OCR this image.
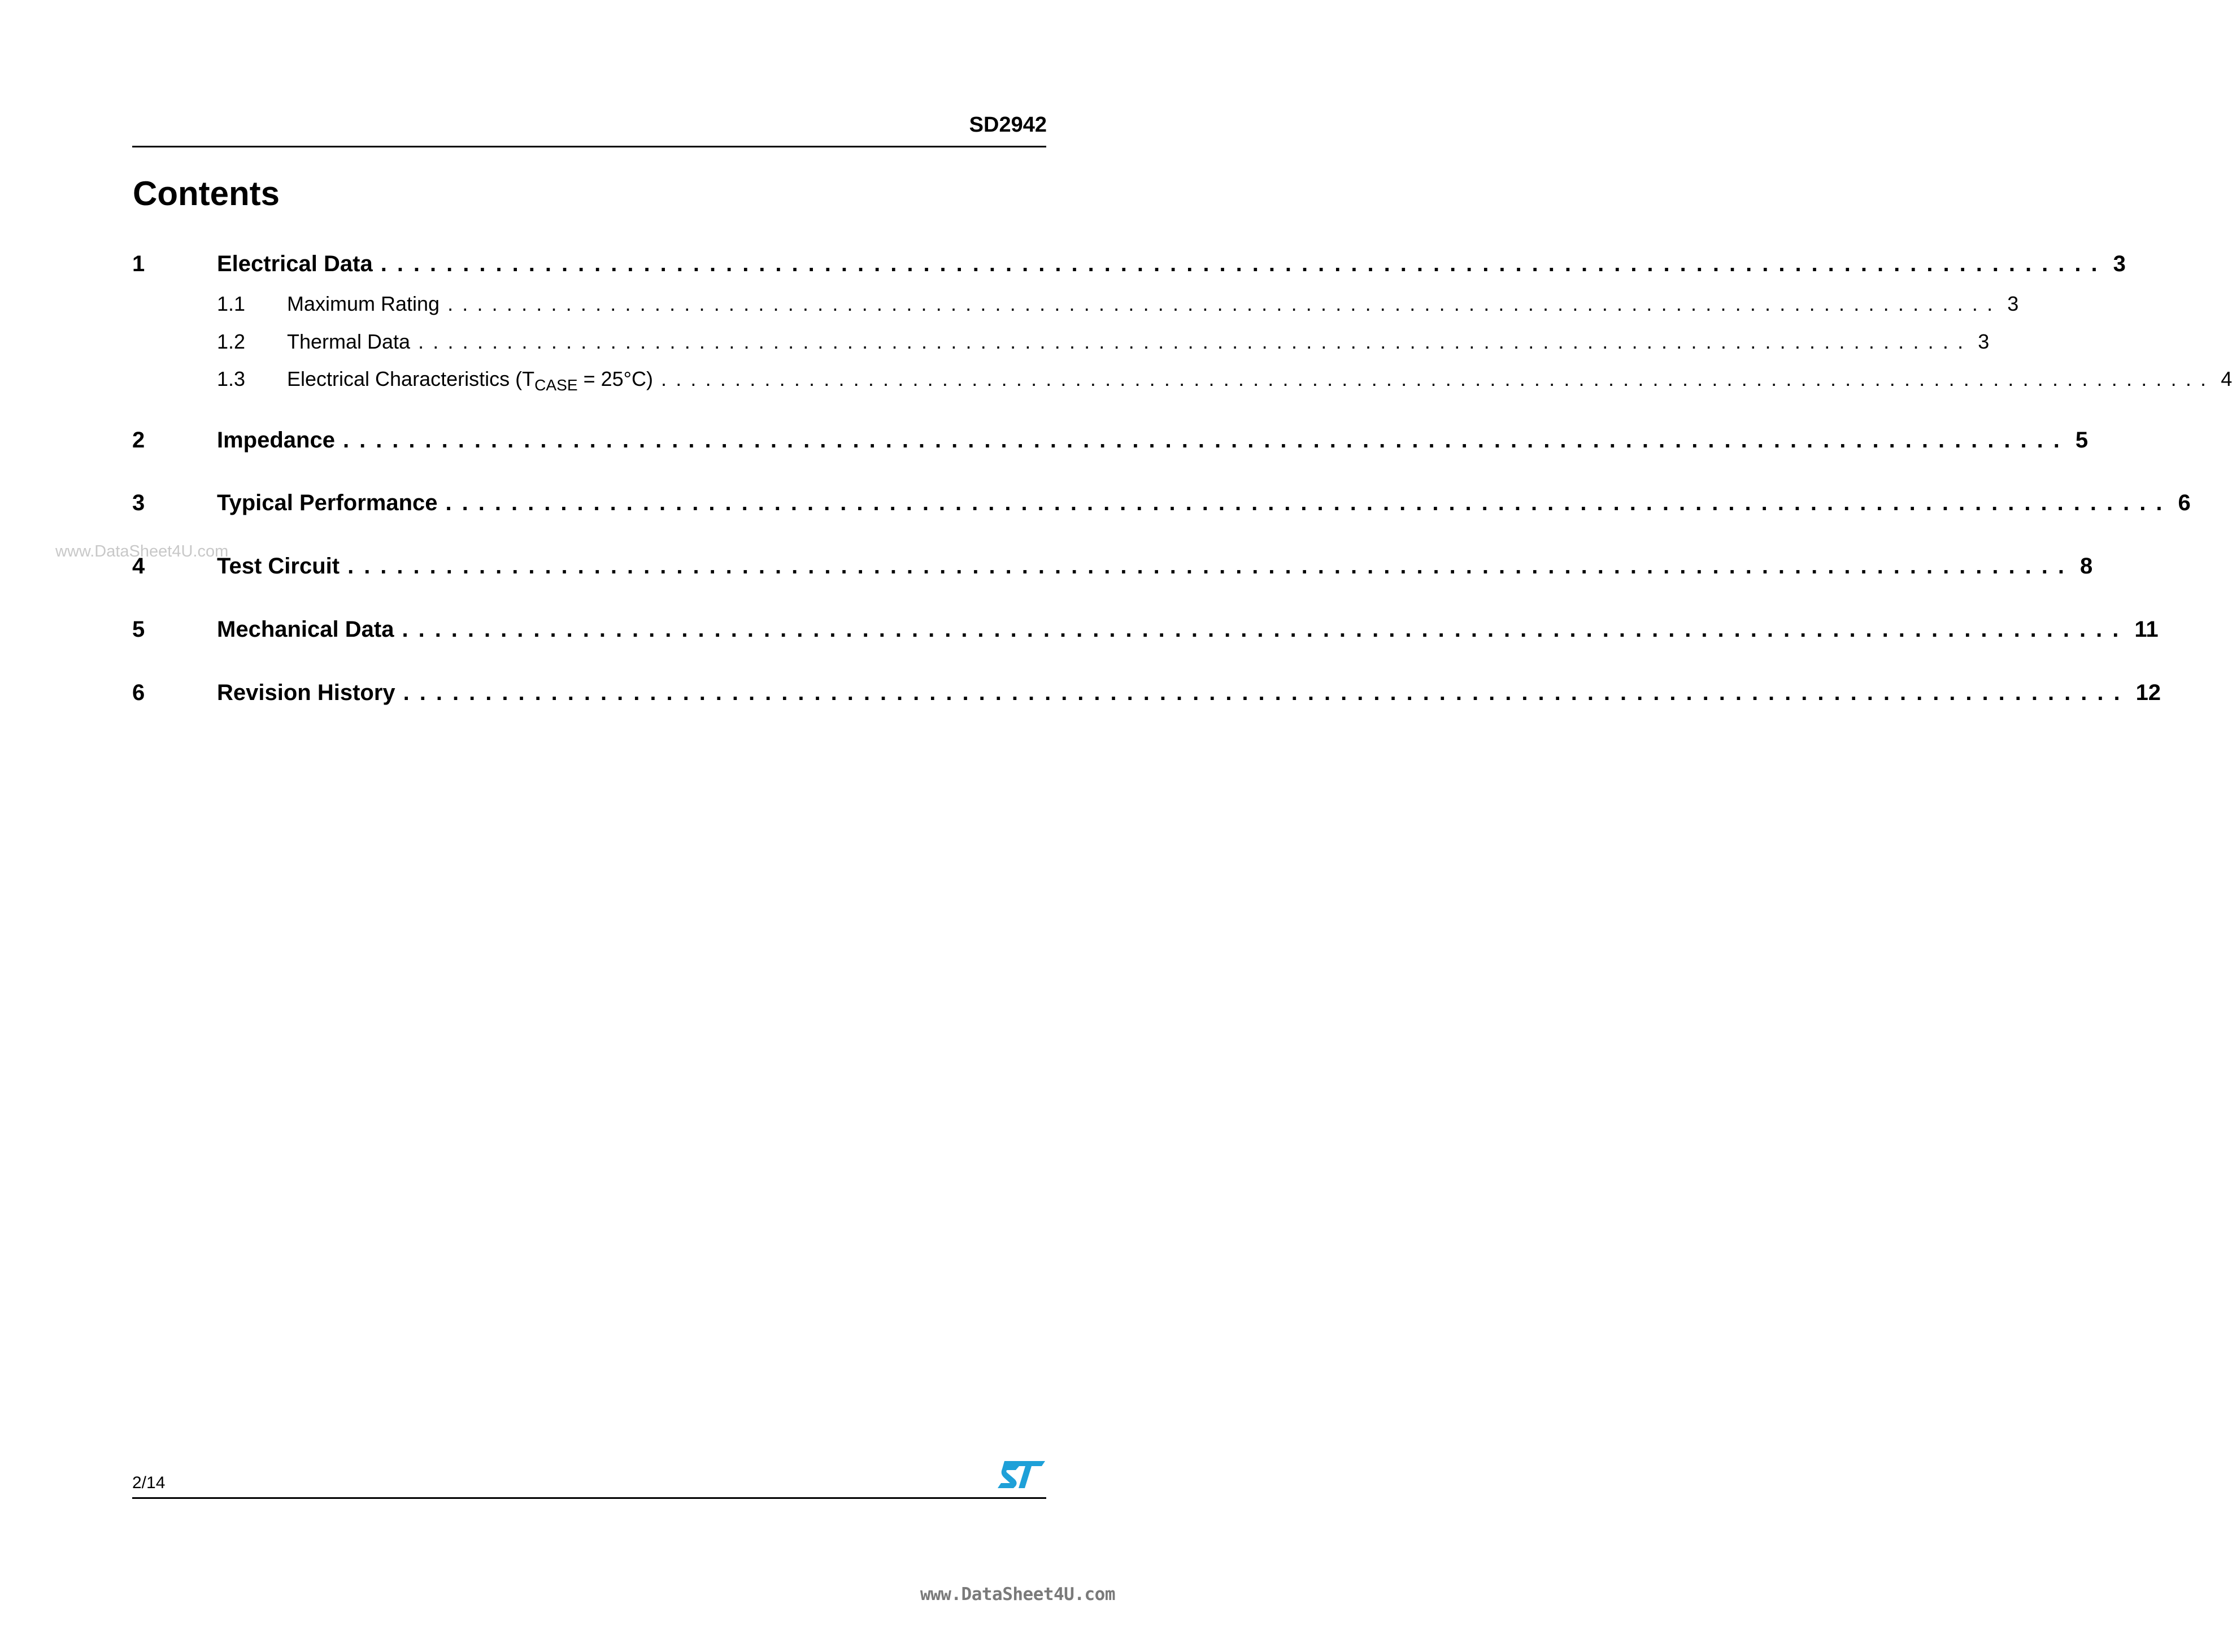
SD2942
Contents
1	Electrical Data ......................................................................................................... 3
1.1	Maximum Rating ......................................................................................................... 3
1.2	Thermal Data ......................................................................................................... 3
1.3	Electrical Characteristics $(T_{CASE} = 25^\circ C)$ ......................................................................................................... 4
2	Impedance ......................................................................................................... 5
3	Typical Performance ......................................................................................................... 6
4	Test Circuit ......................................................................................................... 8
5	Mechanical Data ......................................................................................................... 11
6	Revision History ......................................................................................................... 12
www.DataSheet4U.com
2/14
www.DataSheet4U.com
